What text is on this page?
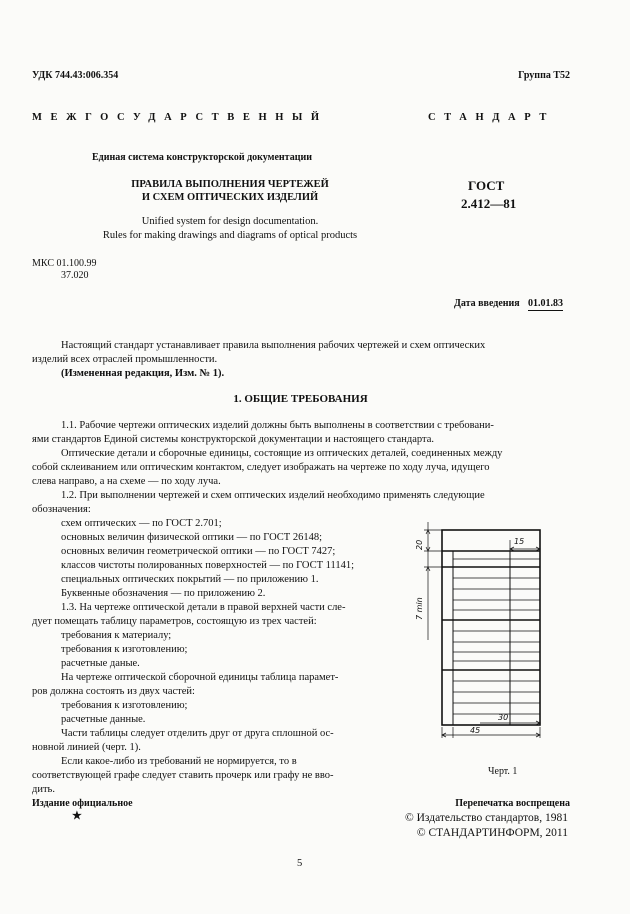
УДК 744.43:006.354	Группа Т52
МЕЖГОСУДАРСТВЕННЫЙ	СТАНДАРТ
Единая система конструкторской документации
ПРАВИЛА ВЫПОЛНЕНИЯ ЧЕРТЕЖЕЙ
И СХЕМ ОПТИЧЕСКИХ ИЗДЕЛИЙ
Unified system for design documentation.
Rules for making drawings and diagrams of optical products
ГОСТ
2.412—81
МКС 01.100.99
37.020
Дата введения 01.01.83
Настоящий стандарт устанавливает правила выполнения рабочих чертежей и схем оптических
изделий всех отраслей промышленности.
(Измененная редакция, Изм. № 1).
1. ОБЩИЕ ТРЕБОВАНИЯ
1.1. Рабочие чертежи оптических изделий должны быть выполнены в соответствии с требовани-
ями стандартов Единой системы конструкторской документации и настоящего стандарта.
Оптические детали и сборочные единицы, состоящие из оптических деталей, соединенных между
собой склеиванием или оптическим контактом, следует изображать на чертеже по ходу луча, идущего
слева направо, а на схеме — по ходу луча.
1.2. При выполнении чертежей и схем оптических изделий необходимо применять следующие
обозначения:
схем оптических — по ГОСТ 2.701;
основных величин физической оптики — по ГОСТ 26148;
основных величин геометрической оптики — по ГОСТ 7427;
классов чистоты полированных поверхностей — по ГОСТ 11141;
специальных оптических покрытий — по приложению 1.
Буквенные обозначения — по приложению 2.
1.3. На чертеже оптической детали в правой верхней части сле-
дует помещать таблицу параметров, состоящую из трех частей:
требования к материалу;
требования к изготовлению;
расчетные даные.
На чертеже оптической сборочной единицы таблица парамет-
ров должна состоять из двух частей:
требования к изготовлению;
расчетные данные.
Части таблицы следует отделить друг от друга сплошной ос-
новной линией (черт. 1).
Если какое-либо из требований не нормируется, то в
соответствующей графе следует ставить прочерк или графу не вво-
дить.
20	15
7 min
30
45
Черт. 1
Издание официальное
★
Перепечатка воспрещена
© Издательство стандартов, 1981
© СТАНДАРТИНФОРМ, 2011
5
